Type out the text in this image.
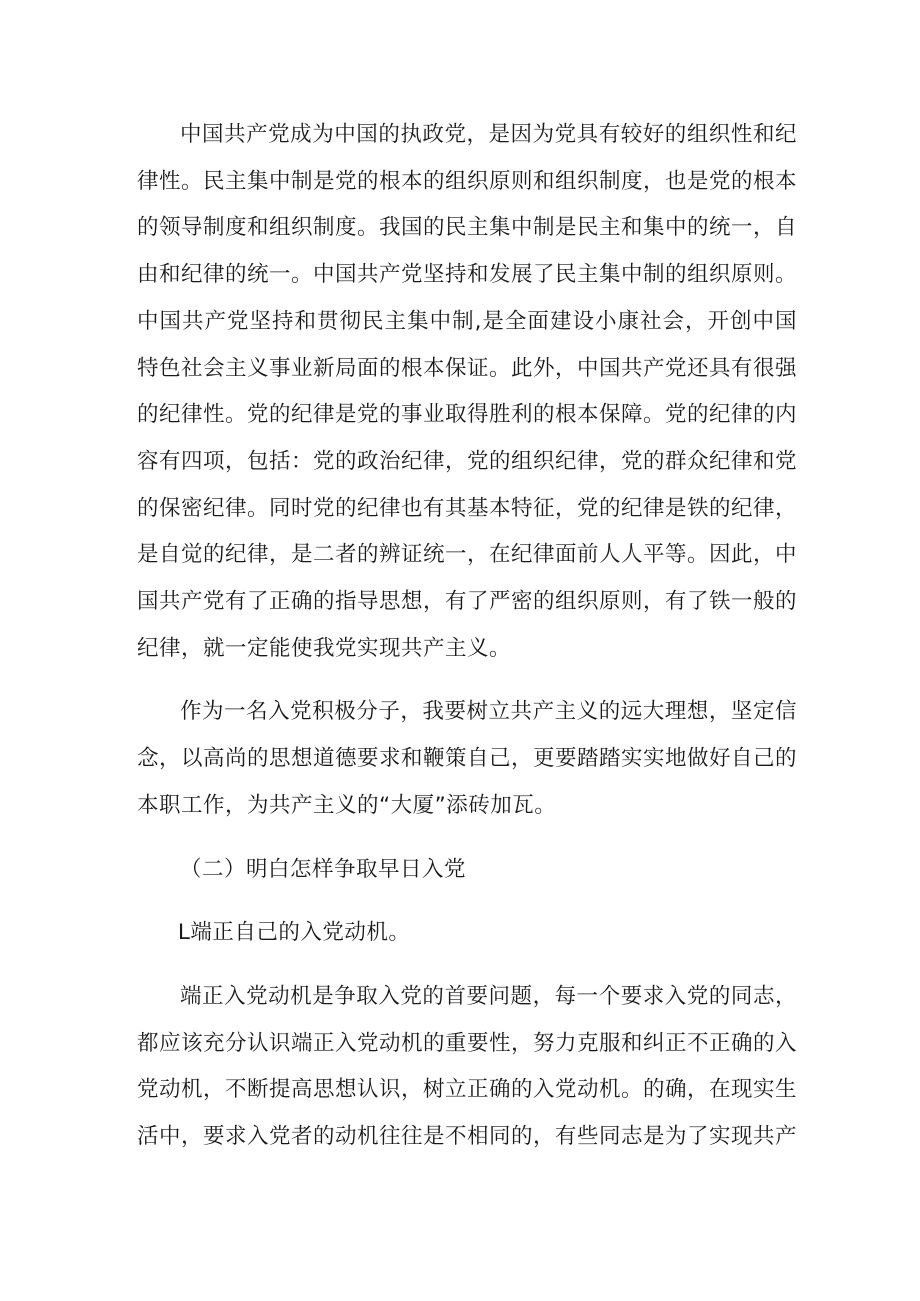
中国共产党成为中国的执政党，是因为党具有较好的组织性和纪律性。民主集中制是党的根本的组织原则和组织制度，也是党的根本的领导制度和组织制度。我国的民主集中制是民主和集中的统一，自由和纪律的统一。中国共产党坚持和发展了民主集中制的组织原则。中国共产党坚持和贯彻民主集中制,是全面建设小康社会，开创中国特色社会主义事业新局面的根本保证。此外，中国共产党还具有很强的纪律性。党的纪律是党的事业取得胜利的根本保障。党的纪律的内容有四项，包括：党的政治纪律，党的组织纪律，党的群众纪律和党的保密纪律。同时党的纪律也有其基本特征，党的纪律是铁的纪律，是自觉的纪律，是二者的辨证统一，在纪律面前人人平等。因此，中国共产党有了正确的指导思想，有了严密的组织原则，有了铁一般的纪律，就一定能使我党实现共产主义。

作为一名入党积极分子，我要树立共产主义的远大理想，坚定信念，以高尚的思想道德要求和鞭策自己，更要踏踏实实地做好自己的本职工作，为共产主义的“大厦”添砖加瓦。

（二）明白怎样争取早日入党

L端正自己的入党动机。

端正入党动机是争取入党的首要问题，每一个要求入党的同志，都应该充分认识端正入党动机的重要性，努力克服和纠正不正确的入党动机，不断提高思想认识，树立正确的入党动机。的确，在现实生活中，要求入党者的动机往往是不相同的，有些同志是为了实现共产
